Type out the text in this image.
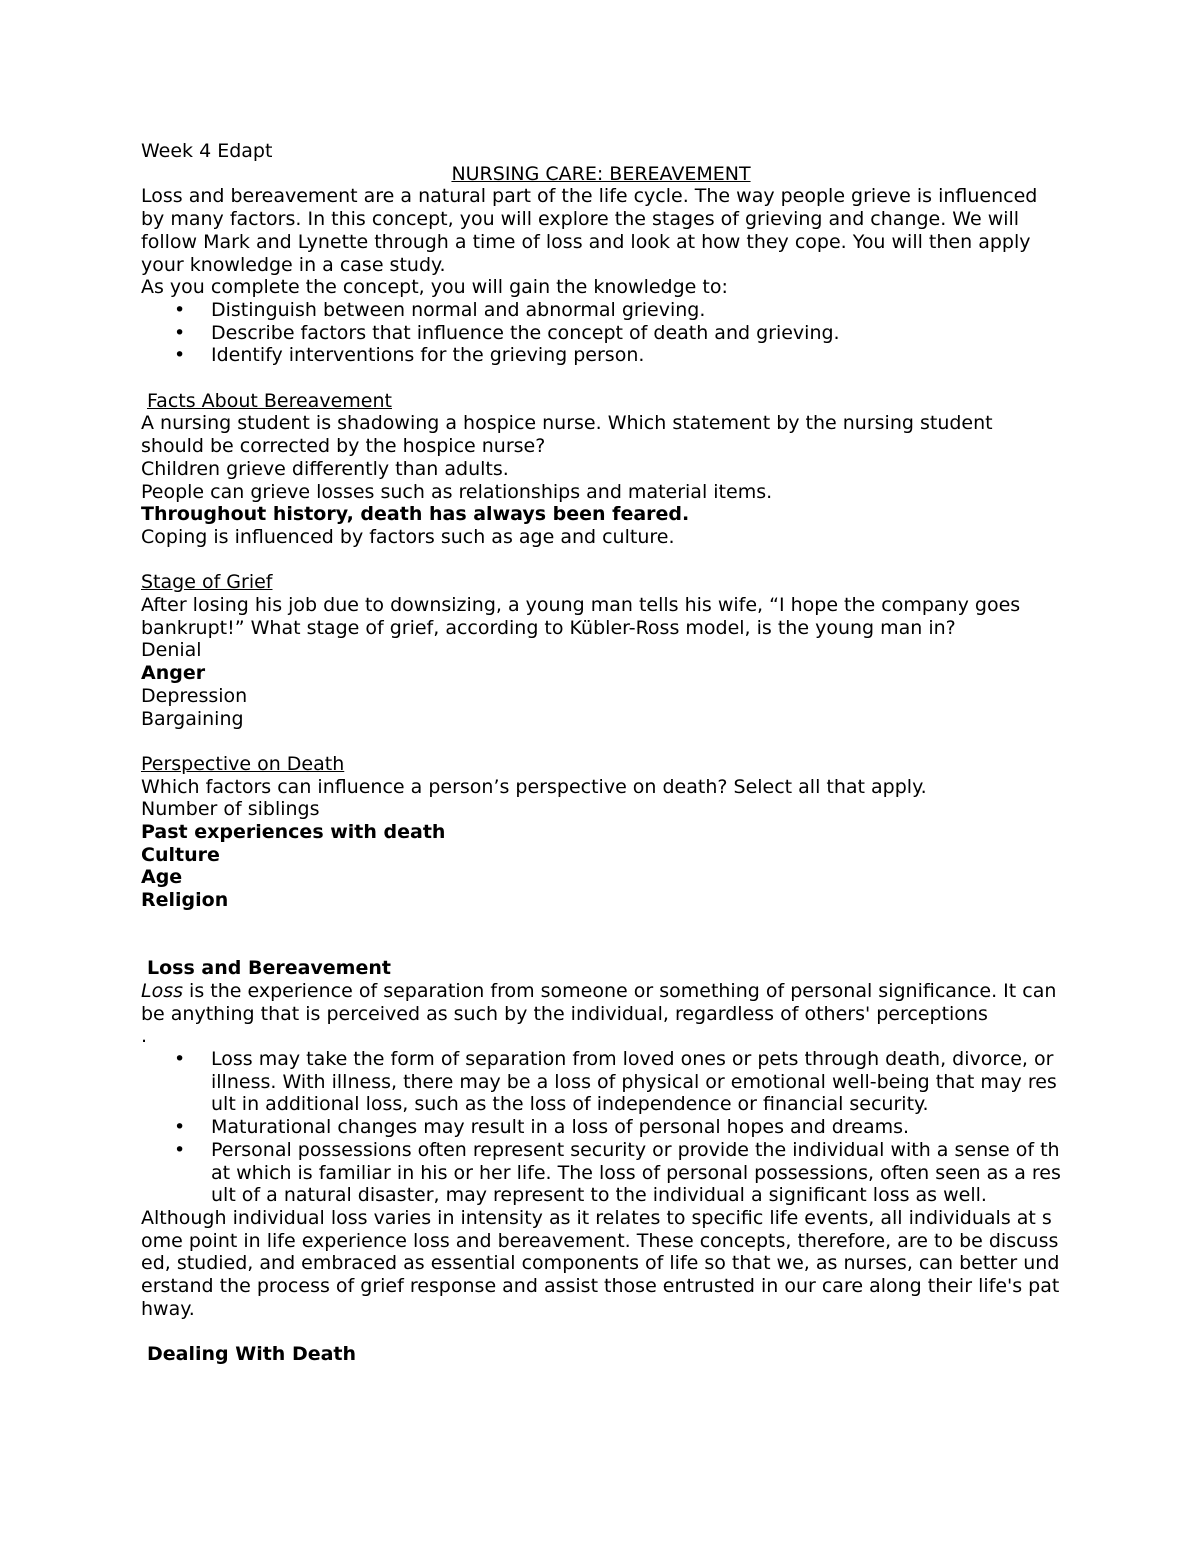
Week 4 Edapt

NURSING CARE: BEREAVEMENT

Loss and bereavement are a natural part of the life cycle. The way people grieve is influenced by many factors. In this concept, you will explore the stages of grieving and change. We will follow Mark and Lynette through a time of loss and look at how they cope. You will then apply your knowledge in a case study.

As you complete the concept, you will gain the knowledge to:

• Distinguish between normal and abnormal grieving.
• Describe factors that influence the concept of death and grieving.
• Identify interventions for the grieving person.

Facts About Bereavement

A nursing student is shadowing a hospice nurse. Which statement by the nursing student should be corrected by the hospice nurse?

Children grieve differently than adults.

People can grieve losses such as relationships and material items.

Throughout history, death has always been feared.

Coping is influenced by factors such as age and culture.

Stage of Grief

After losing his job due to downsizing, a young man tells his wife, “I hope the company goes bankrupt!” What stage of grief, according to Kübler-Ross model, is the young man in?

Denial

Anger

Depression

Bargaining

Perspective on Death

Which factors can influence a person’s perspective on death? Select all that apply.

Number of siblings

Past experiences with death

Culture

Age

Religion

Loss and Bereavement

Loss is the experience of separation from someone or something of personal significance. It can be anything that is perceived as such by the individual, regardless of others' perceptions

.

• Loss may take the form of separation from loved ones or pets through death, divorce, or illness. With illness, there may be a loss of physical or emotional well-being that may result in additional loss, such as the loss of independence or financial security.
• Maturational changes may result in a loss of personal hopes and dreams.
• Personal possessions often represent security or provide the individual with a sense of that which is familiar in his or her life. The loss of personal possessions, often seen as a result of a natural disaster, may represent to the individual a significant loss as well.

Although individual loss varies in intensity as it relates to specific life events, all individuals at some point in life experience loss and bereavement. These concepts, therefore, are to be discussed, studied, and embraced as essential components of life so that we, as nurses, can better understand the process of grief response and assist those entrusted in our care along their life's pathway.

Dealing With Death
